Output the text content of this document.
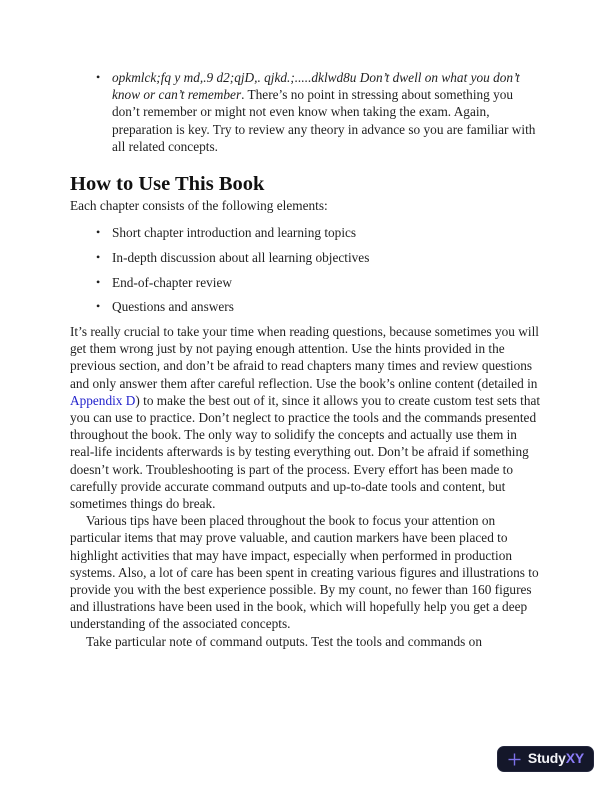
• opkmlck;fq y md,.9 d2;qjD,. qjkd.;.....dklwd8u Don’t dwell on what you don’t know or can’t remember. There’s no point in stressing about something you don’t remember or might not even know when taking the exam. Again, preparation is key. Try to review any theory in advance so you are familiar with all related concepts.
How to Use This Book

Each chapter consists of the following elements:

• Short chapter introduction and learning topics
• In-depth discussion about all learning objectives
• End-of-chapter review
• Questions and answers

It’s really crucial to take your time when reading questions, because sometimes you will get them wrong just by not paying enough attention. Use the hints provided in the previous section, and don’t be afraid to read chapters many times and review questions and only answer them after careful reflection. Use the book’s online content (detailed in Appendix D) to make the best out of it, since it allows you to create custom test sets that you can use to practice. Don’t neglect to practice the tools and the commands presented throughout the book. The only way to solidify the concepts and actually use them in real-life incidents afterwards is by testing everything out. Don’t be afraid if something doesn’t work. Troubleshooting is part of the process. Every effort has been made to carefully provide accurate command outputs and up-to-date tools and content, but sometimes things do break.

Various tips have been placed throughout the book to focus your attention on particular items that may prove valuable, and caution markers have been placed to highlight activities that may have impact, especially when performed in production systems. Also, a lot of care has been spent in creating various figures and illustrations to provide you with the best experience possible. By my count, no fewer than 160 figures and illustrations have been used in the book, which will hopefully help you get a deep understanding of the associated concepts.

Take particular note of command outputs. Test the tools and commands on

StudyXY
